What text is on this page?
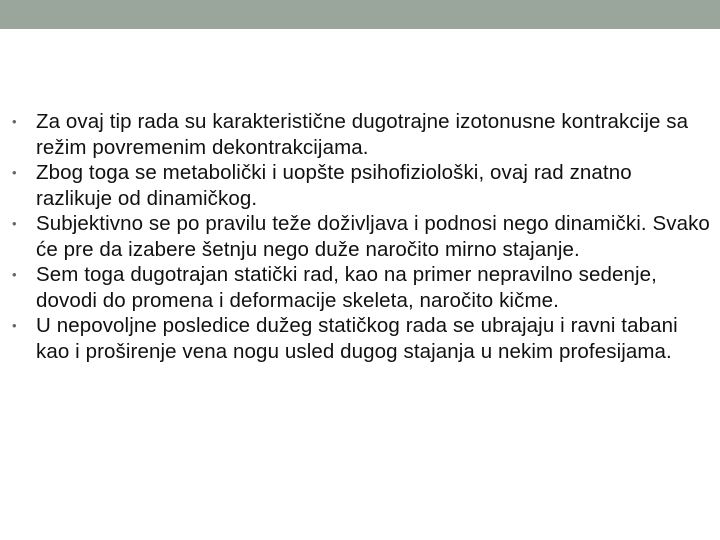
• Za ovaj tip rada su karakteristične dugotrajne izotonusne kontrakcije sa režim povremenim dekontrakcijama.
• Zbog toga se metabolički i uopšte psihofiziološki, ovaj rad znatno razlikuje od dinamičkog.
• Subjektivno se po pravilu teže doživljava i podnosi nego dinamički. Svako će pre da izabere šetnju nego duže naročito mirno stajanje.
• Sem toga dugotrajan statički rad, kao na primer nepravilno sedenje, dovodi do promena i deformacije skeleta, naročito kičme.
• U nepovoljne posledice dužeg statičkog rada se ubrajaju i ravni tabani kao i proširenje vena nogu usled dugog stajanja u nekim profesijama.
